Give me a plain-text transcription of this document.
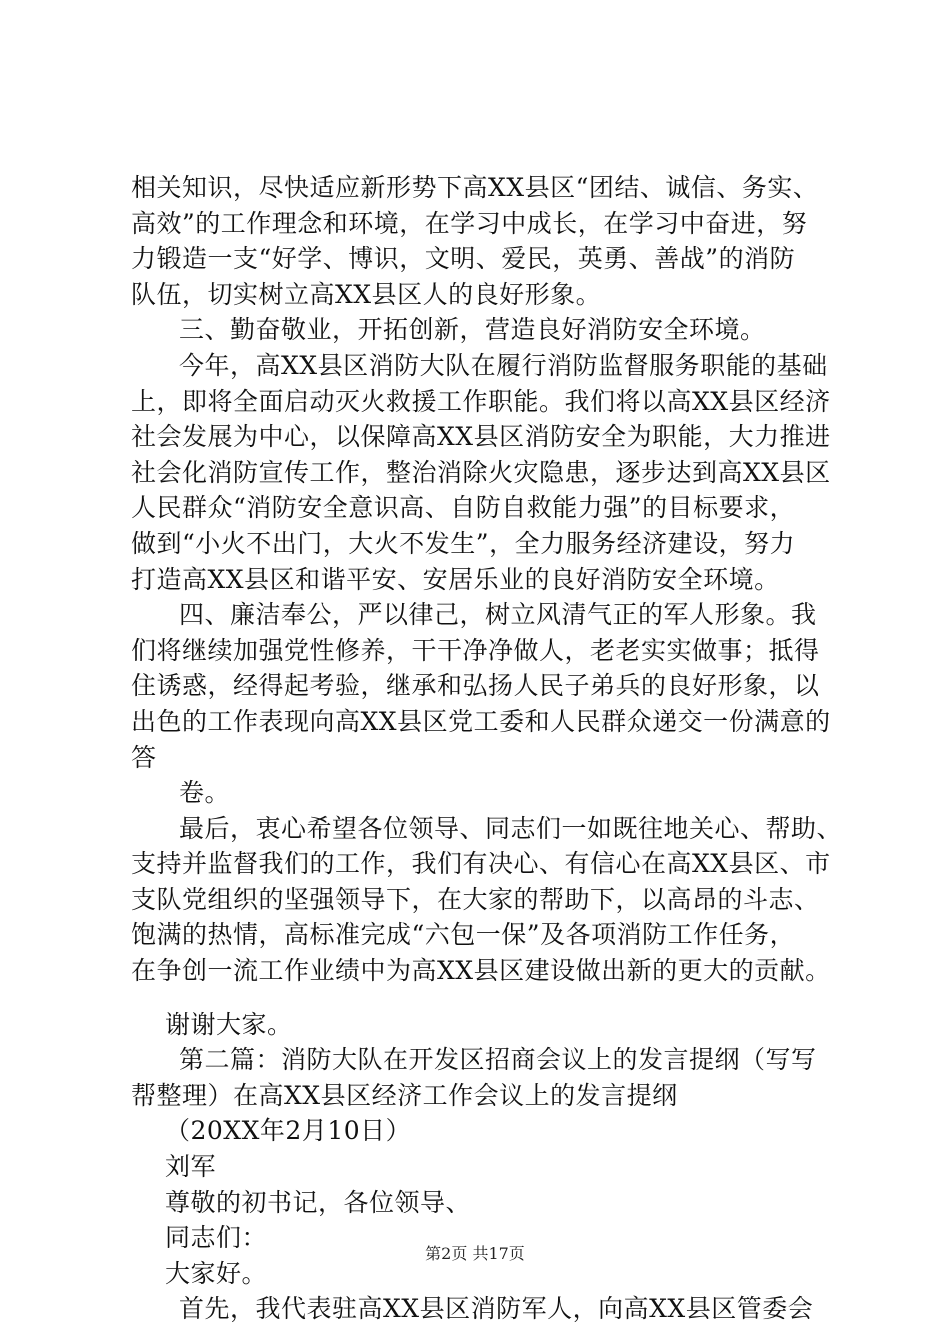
相关知识，尽快适应新形势下高XX县区“团结、诚信、务实、
高效”的工作理念和环境，在学习中成长，在学习中奋进，努
力锻造一支“好学、博识，文明、爱民，英勇、善战”的消防
队伍，切实树立高XX县区人的良好形象。
三、勤奋敬业，开拓创新，营造良好消防安全环境。
今年，高XX县区消防大队在履行消防监督服务职能的基础
上，即将全面启动灭火救援工作职能。我们将以高XX县区经济
社会发展为中心，以保障高XX县区消防安全为职能，大力推进
社会化消防宣传工作，整治消除火灾隐患，逐步达到高XX县区
人民群众“消防安全意识高、自防自救能力强”的目标要求，
做到“小火不出门，大火不发生”，全力服务经济建设，努力
打造高XX县区和谐平安、安居乐业的良好消防安全环境。
四、廉洁奉公，严以律己，树立风清气正的军人形象。我
们将继续加强党性修养，干干净净做人，老老实实做事；抵得
住诱惑，经得起考验，继承和弘扬人民子弟兵的良好形象，以
出色的工作表现向高XX县区党工委和人民群众递交一份满意的
答
卷。
最后，衷心希望各位领导、同志们一如既往地关心、帮助、
支持并监督我们的工作，我们有决心、有信心在高XX县区、市
支队党组织的坚强领导下，在大家的帮助下，以高昂的斗志、
饱满的热情，高标准完成“六包一保”及各项消防工作任务，
在争创一流工作业绩中为高XX县区建设做出新的更大的贡献。
谢谢大家。
第二篇：消防大队在开发区招商会议上的发言提纲（写写
帮整理）在高XX县区经济工作会议上的发言提纲
（20XX年2月10日）
刘军
尊敬的初书记，各位领导、
同志们：
大家好。
首先，我代表驻高XX县区消防军人，向高XX县区管委会
第2页 共17页
